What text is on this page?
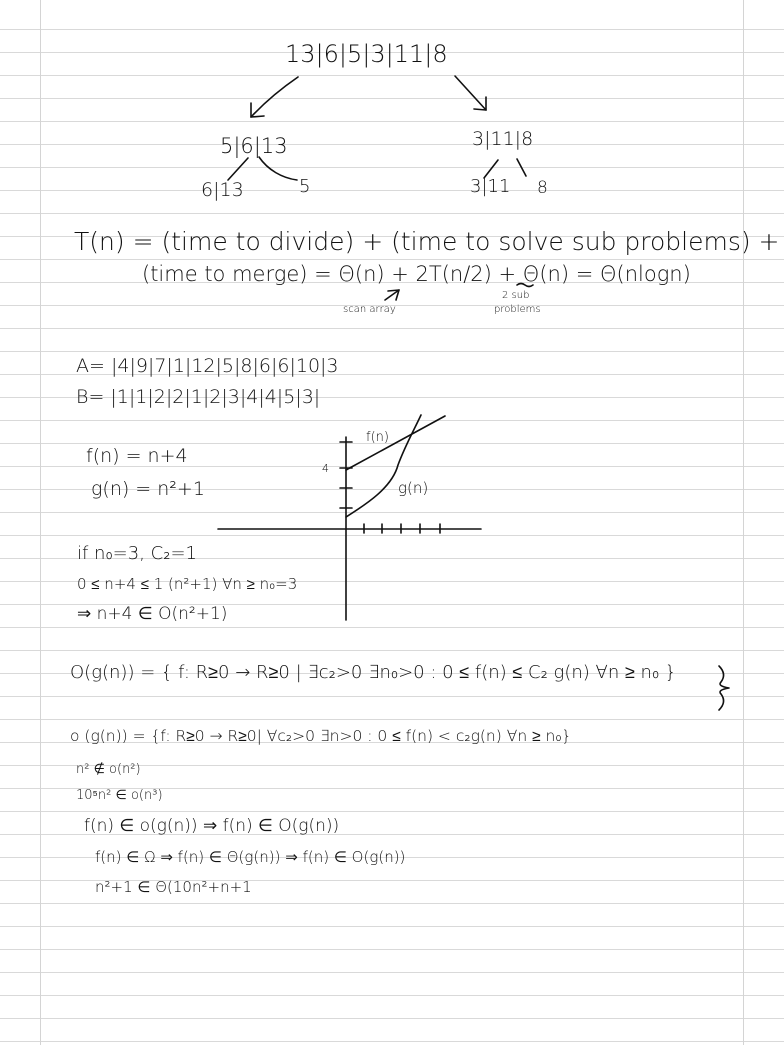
13|6|5|3|11|8
5|6|13	3|11|8
6|13	5	3|11 8
T(n) = (time to divide) + (time to solve sub problems) +
(time to merge) = Θ(n) + 2T(n/2) + Θ(n) = Θ(nlogn)
scan array
2 sub
problems
A= |4|9|7|1|12|5|8|6|6|10|3
B= |1|1|2|2|1|2|3|4|4|5|3|
f(n) = n+4
g(n) = n²+1
f(n)
g(n)
4
if n₀=3, C₂=1
0 ≤ n+4 ≤ 1 (n²+1) ∀n ≥ n₀=3
⇒ n+4 ∈ O(n²+1)
O(g(n)) = { f: R≥0 → R≥0 | ∃c₂>0 ∃n₀>0 : 0 ≤ f(n) ≤ C₂ g(n) ∀n ≥ n₀ }
o (g(n)) = {f: R≥0 → R≥0| ∀c₂>0 ∃n>0 : 0 ≤ f(n) < c₂g(n) ∀n ≥ n₀}
n² ∉ o(n²)
10⁵n² ∈ o(n³)
f(n) ∈ o(g(n)) ⇒ f(n) ∈ O(g(n))
f(n) ∈ Ω ⇒ f(n) ∈ Θ(g(n)) ⇒ f(n) ∈ O(g(n))
n²+1 ∈ Θ(10n²+n+1
